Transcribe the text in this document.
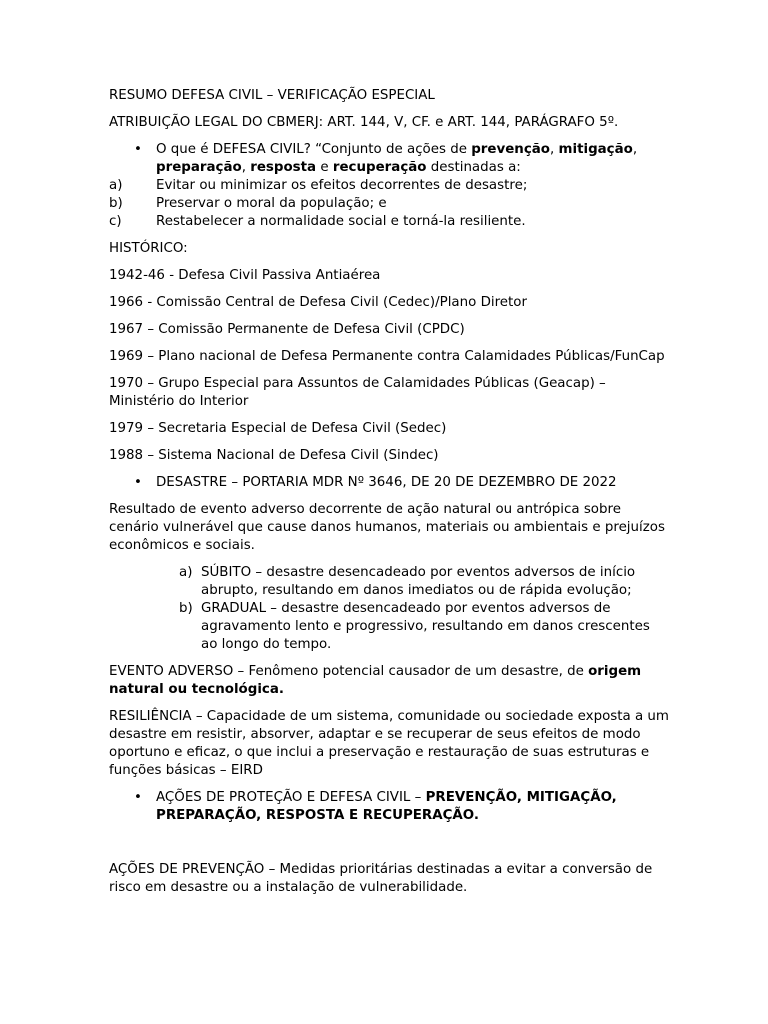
RESUMO DEFESA CIVIL – VERIFICAÇÃO ESPECIAL

ATRIBUIÇÃO LEGAL DO CBMERJ: ART. 144, V, CF. e ART. 144, PARÁGRAFO 5º.

• O que é DEFESA CIVIL? “Conjunto de ações de prevenção, mitigação, preparação, resposta e recuperação destinadas a:
a)	Evitar ou minimizar os efeitos decorrentes de desastre;
b) Preservar o moral da população; e
c)	Restabelecer a normalidade social e torná-la resiliente.

HISTÓRICO:

1942-46 - Defesa Civil Passiva Antiaérea

1966 - Comissão Central de Defesa Civil (Cedec)/Plano Diretor

1967 – Comissão Permanente de Defesa Civil (CPDC)

1969 – Plano nacional de Defesa Permanente contra Calamidades Públicas/FunCap

1970 – Grupo Especial para Assuntos de Calamidades Públicas (Geacap) – Ministério do Interior

1979 – Secretaria Especial de Defesa Civil (Sedec)

1988 – Sistema Nacional de Defesa Civil (Sindec)

• DESASTRE – PORTARIA MDR Nº 3646, DE 20 DE DEZEMBRO DE 2022

Resultado de evento adverso decorrente de ação natural ou antrópica sobre cenário vulnerável que cause danos humanos, materiais ou ambientais e prejuízos econômicos e sociais.

a) SÚBITO – desastre desencadeado por eventos adversos de início abrupto, resultando em danos imediatos ou de rápida evolução;
b) GRADUAL – desastre desencadeado por eventos adversos de agravamento lento e progressivo, resultando em danos crescentes ao longo do tempo.

EVENTO ADVERSO – Fenômeno potencial causador de um desastre, de origem natural ou tecnológica.

RESILIÊNCIA – Capacidade de um sistema, comunidade ou sociedade exposta a um desastre em resistir, absorver, adaptar e se recuperar de seus efeitos de modo oportuno e eficaz, o que inclui a preservação e restauração de suas estruturas e funções básicas – EIRD

• AÇÕES DE PROTEÇÃO E DEFESA CIVIL – PREVENÇÃO, MITIGAÇÃO, PREPARAÇÃO, RESPOSTA E RECUPERAÇÃO.

AÇÕES DE PREVENÇÃO – Medidas prioritárias destinadas a evitar a conversão de risco em desastre ou a instalação de vulnerabilidade.
